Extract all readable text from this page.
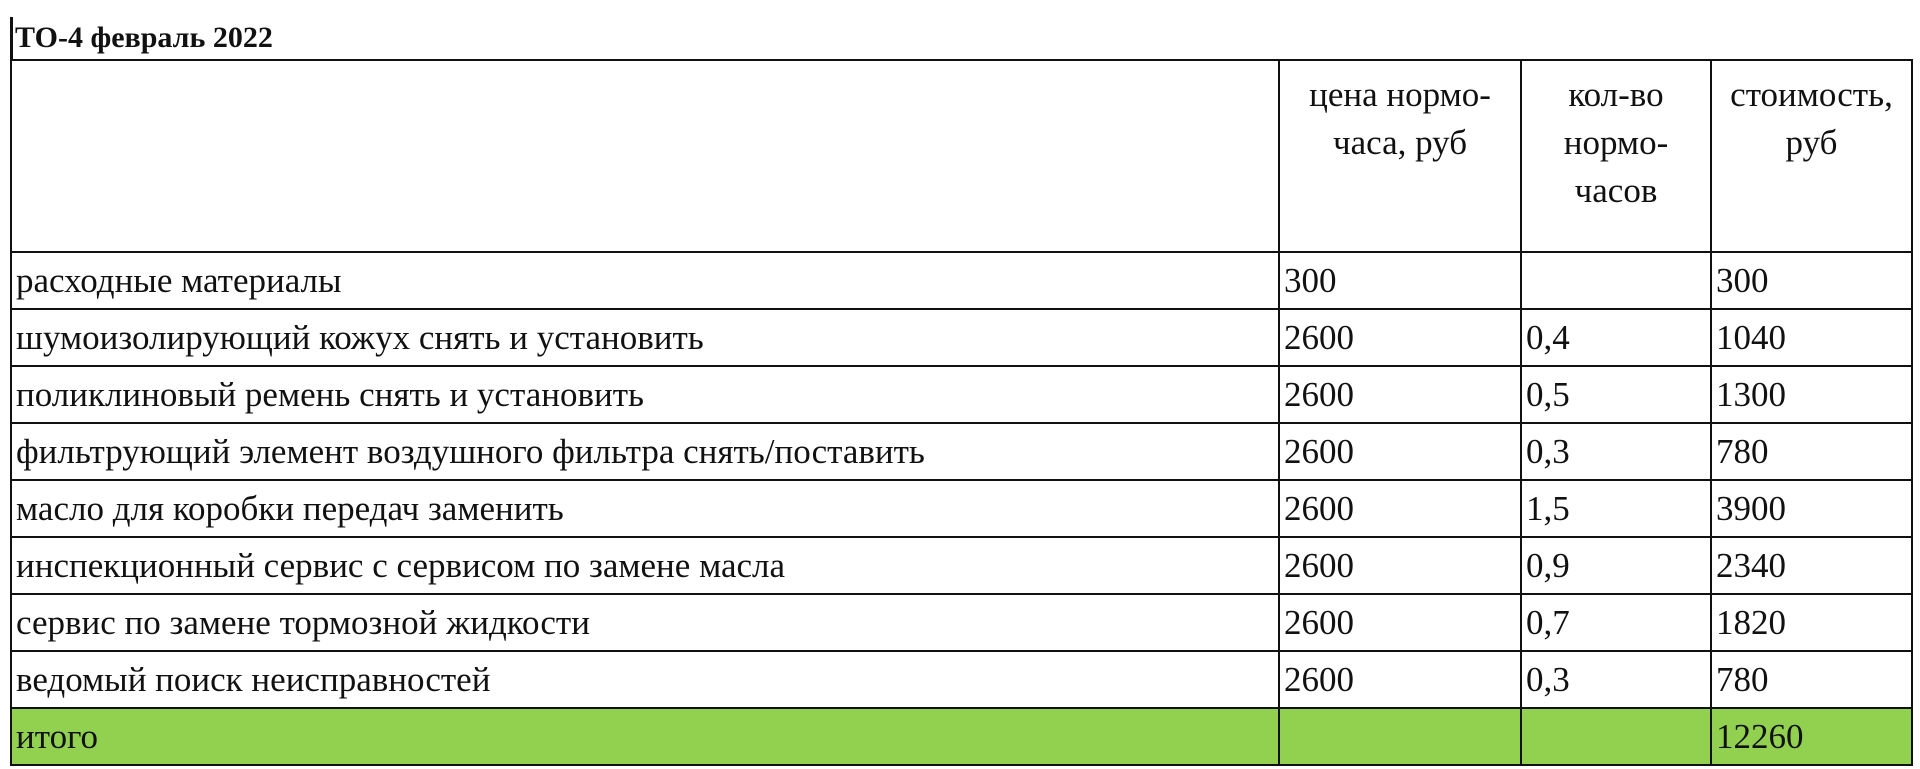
ТО-4 февраль 2022
	цена нормо-часа, руб	кол-во нормо-часов	стоимость, руб
расходные материалы	300		300
шумоизолирующий кожух снять и установить	2600	0,4	1040
поликлиновый ремень снять и установить	2600	0,5	1300
фильтрующий элемент воздушного фильтра снять/поставить	2600	0,3	780
масло для коробки передач заменить	2600	1,5	3900
инспекционный сервис с сервисом по замене масла	2600	0,9	2340
сервис по замене тормозной жидкости	2600	0,7	1820
ведомый поиск неисправностей	2600	0,3	780
итого			12260
